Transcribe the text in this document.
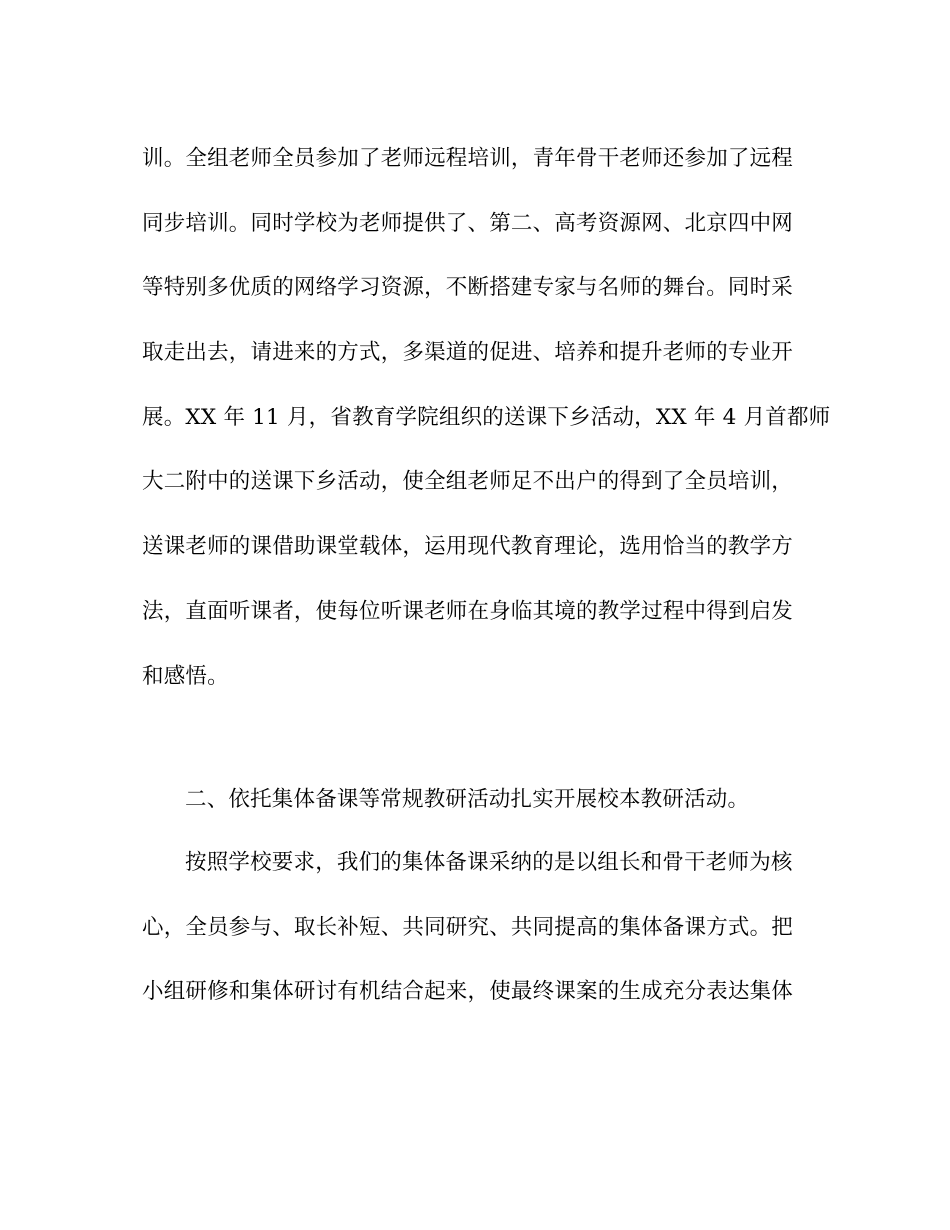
训。全组老师全员参加了老师远程培训，青年骨干老师还参加了远程

同步培训。同时学校为老师提供了、第二、高考资源网、北京四中网

等特别多优质的网络学习资源，不断搭建专家与名师的舞台。同时采

取走出去，请进来的方式，多渠道的促进、培养和提升老师的专业开

展。XX 年 11 月，省教育学院组织的送课下乡活动，XX 年 4 月首都师

大二附中的送课下乡活动，使全组老师足不出户的得到了全员培训，

送课老师的课借助课堂载体，运用现代教育理论，选用恰当的教学方

法，直面听课者，使每位听课老师在身临其境的教学过程中得到启发

和感悟。

二、依托集体备课等常规教研活动扎实开展校本教研活动。

按照学校要求，我们的集体备课采纳的是以组长和骨干老师为核

心，全员参与、取长补短、共同研究、共同提高的集体备课方式。把

小组研修和集体研讨有机结合起来，使最终课案的生成充分表达集体
